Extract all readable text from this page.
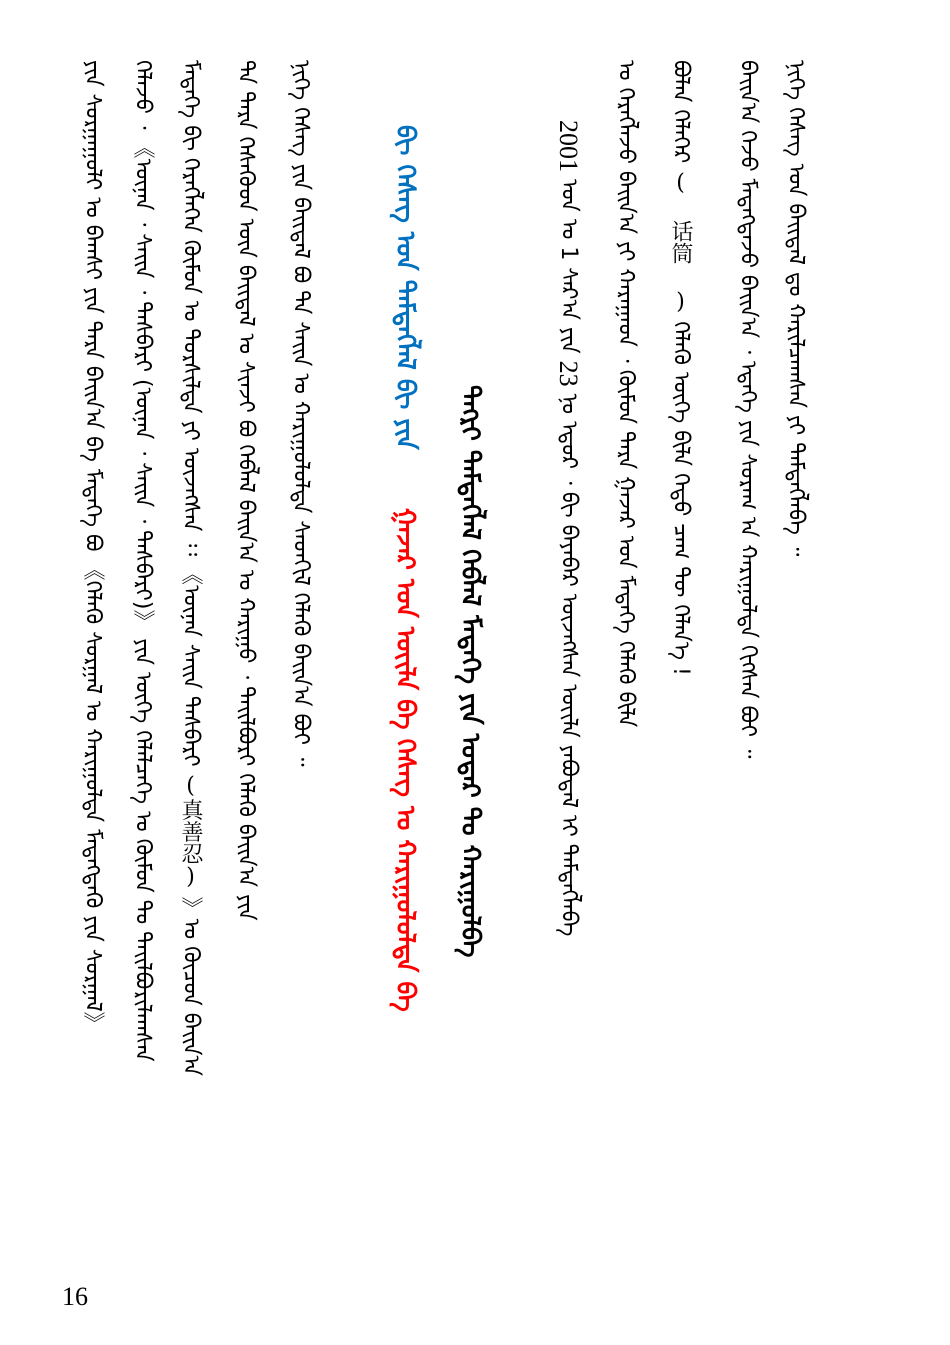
ᠨᠢᠭᠡ ᠬᠡᠰᠡᠭ ᠤᠨ ᠪᠠᠢᠳᠠᠯ ᠳᠤ ᠬᠠᠷᠢᠯᠴᠠᠭᠰᠠᠨ ᠶᠢ ᠲᠡᠮᠳᠡᠭᠯᠡᠪᠡ ᠃
ᠪᠠᠢᠨ᠎ᠠ ᠭᠡᠵᠦ ᠮᠡᠳᠡᠭᠳᠡᠵᠦ ᠪᠠᠢᠨ᠎ᠠ ᠂ ᠡᠳᠡᠭᠡ ᠶᠢᠨ ᠰᠤᠷᠠᠭ ᠠ ᠬᠠᠷᠢᠭᠤᠯᠳᠠ ᠬᠢᠭᠰᠡᠨ ᠪᠤᠢ ᠃
ᠪᠣᠯᠠᠨ ᠬᠡᠯᠡᠭᠡᠷ ( 话筒 ) ᠬᠡᠯᠡᠬᠦ ᠦᠭᠡ ᠪᠢᠯᠡ ᠬᠡᠳᠦ ᠴᠠᠭ ᠲᠦ ᠬᠡᠯᠡᠨ᠎ᠡ !
ᠤ ᠬᠡᠷᠡᠭᠯᠡᠵᠦ ᠪᠠᠢᠨ᠎ᠠ ᠶᠢ ᠬᠠᠷᠠᠭᠠᠳ ᠂ ᠬᠦᠮᠦᠨ ᠲᠡᠷᠡ ᠭᠠᠵᠠᠷ ᠤᠨ ᠮᠡᠳᠡᠭᠡ ᠬᠡᠯᠡᠬᠦ ᠪᠢᠯᠡ
2001 ᠣᠨ ᠤ 1 ᠰᠠᠷ᠎ᠠ ᠶᠢᠨ 23 ᠨᠤ ᠡᠳᠦᠷ ᠂ ᠪᠢ ᠪᠡᠶᠡᠪᠡᠷ ᠦᠵᠡᠭᠰᠡᠨ ᠦᠢᠯᠡ ᠶᠠᠪᠤᠳᠠᠯ ᠢ ᠲᠡᠮᠳᠡᠭᠯᠡᠪᠡ
ᠲᠡᠭᠷᠢ ᠲᠡᠮᠳᠡᠭᠯᠡᠯ ᠬᠡᠪᠯᠡᠯ ᠮᠡᠳᠡᠭᠡ ᠶᠢᠨ ᠤᠳᠠᠷ ᠲᠤ ᠬᠠᠷᠢᠭᠤᠯᠪᠠ
ᠪᠢ ᠬᠡᠰᠡᠭ ᠤᠨ ᠲᠡᠮᠳᠡᠭᠯᠡᠯ ᠪᠢ ᠶᠢᠨ  ᠭᠠᠵᠠᠷ ᠤᠨ ᠦᠢᠯᠡ ᠪᠡ ᠬᠡᠰᠡᠭ ᠤ ᠬᠠᠷᠢᠭᠤᠯᠤᠯᠲᠠ ᠪᠠ
ᠨᠢᠭᠡ ᠬᠡᠰᠡᠭ ᠶᠢᠨ ᠪᠠᠢᠳᠠᠯ ᠪᠤ ᠲᠠ ᠰᠠᠢᠨ ᠤ ᠬᠠᠷᠢᠭᠤᠯᠤᠯᠲᠠ ᠰᠡᠳᠬᠢᠯ ᠬᠡᠯᠡᠬᠦ ᠪᠠᠢᠨ᠎ᠠ ᠪᠤᠢ ᠃
ᠲᠠ ᠲᠡᠷᠡ ᠬᠡᠰᠡᠭᠦᠳ ᠦᠨ ᠪᠠᠢᠳᠠᠯ ᠤ ᠰᠢᠨᠵᠢ ᠪᠤ ᠬᠡᠪᠯᠡᠯ ᠪᠠᠢᠨ᠎ᠠ ᠤ ᠬᠠᠷᠢᠭᠤ ᠂ ᠲᠠᠢᠯᠪᠤᠷᠢ ᠬᠡᠯᠡᠬᠦ ᠪᠠᠢᠨ᠎ᠠ ᠶᠢᠨ
ᠮᠡᠳᠡᠭᠡ ᠪᠢ ᠬᠡᠷᠡᠭᠯᠡᠭᠡᠨ ᠬᠦᠮᠦᠨ ᠤ ᠲᠤᠷᠰᠢᠯᠲᠠ ᠶᠢ ᠦᠵᠡᠭᠰᠡᠨ ᠄᠄ 《ᠦᠨᠡᠨ ᠰᠠᠢᠨ ᠲᠡᠰᠪᠡᠷᠢ (真善忍) 》ᠤ ᠬᠦᠴᠦᠨ ᠪᠠᠢᠨ᠎ᠠ
ᠬᠡᠯᠡᠵᠦ ᠂ 《ᠦᠨᠡᠨ ᠂ ᠰᠠᠢᠨ ᠂ ᠲᠡᠰᠪᠡᠷᠢ (ᠦᠨᠡᠨ ᠂ ᠰᠠᠢᠨ ᠂ ᠲᠡᠰᠪᠡᠷᠢ)》 ᠶᠢᠨ ᠦᠭᠡ ᠬᠡᠯᠡᠯᠴᠡᠭᠡ ᠤ ᠬᠦᠮᠦᠨ ᠲᠤ ᠲᠠᠢᠯᠪᠤᠷᠢᠯᠠᠭᠰᠠᠨ
ᠶᠢᠨ ᠰᠤᠷᠭᠠᠭᠤᠯᠢ ᠤ ᠪᠠᠭᠰᠢ ᠶᠢᠨ ᠲᠡᠷᠡ ᠪᠠᠢᠨ᠎ᠠ ᠪᠠ ᠮᠡᠳᠡᠭᠡ ᠪᠤ 《ᠬᠡᠯᠡᠬᠦ ᠰᠤᠷᠭᠠᠯ ᠤ ᠬᠠᠷᠢᠭᠤᠯᠲᠠ ᠮᠡᠳᠡᠭᠳᠡᠬᠦ ᠶᠢᠨ ᠰᠤᠷᠭᠠᠯ》
16
